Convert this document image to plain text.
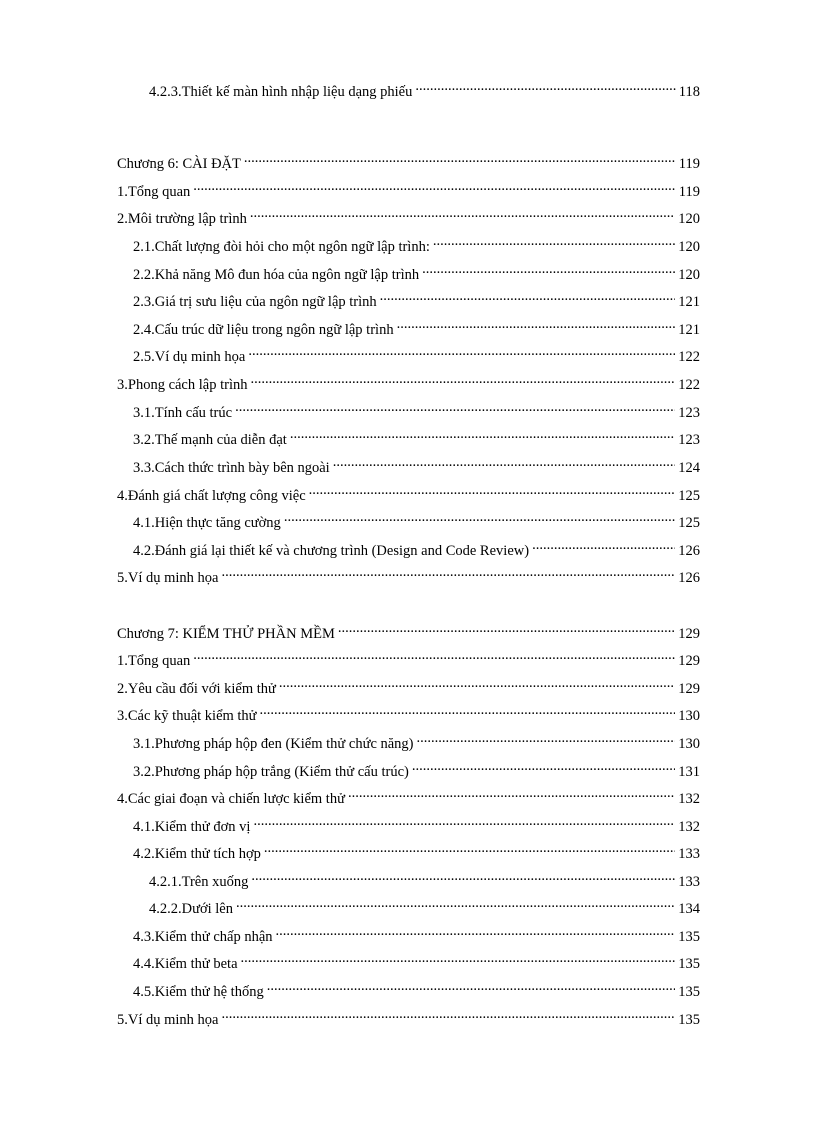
4.2.3.Thiết kế màn hình nhập liệu dạng phiếu .....	118
Chương 6: CÀI ĐẶT .....	119
1.Tổng quan .....	119
2.Môi trường lập trình .....	120
2.1.Chất lượng đòi hỏi cho một ngôn ngữ lập trình: .....	120
2.2.Khả năng Mô đun hóa của ngôn ngữ lập trình .....	120
2.3.Giá trị sưu liệu của ngôn ngữ lập trình .....	121
2.4.Cấu trúc dữ liệu trong ngôn ngữ lập trình .....	121
2.5.Ví dụ minh họa .....	122
3.Phong cách lập trình .....	122
3.1.Tính cấu trúc .....	123
3.2.Thế mạnh của diễn đạt .....	123
3.3.Cách thức trình bày bên ngoài .....	124
4.Đánh giá chất lượng công việc .....	125
4.1.Hiện thực tăng cường .....	125
4.2.Đánh giá lại thiết kế và chương trình (Design and Code Review) .....	126
5.Ví dụ minh họa .....	126
Chương 7: KIỂM THỬ PHẦN MỀM .....	129
1.Tổng quan .....	129
2.Yêu cầu đối với kiểm thử .....	129
3.Các kỹ thuật kiểm thử .....	130
3.1.Phương pháp hộp đen (Kiểm thử chức năng) .....	130
3.2.Phương pháp hộp trắng (Kiểm thử cấu trúc) .....	131
4.Các giai đoạn và chiến lược kiểm thử .....	132
4.1.Kiểm thử đơn vị .....	132
4.2.Kiểm thử tích hợp .....	133
4.2.1.Trên xuống .....	133
4.2.2.Dưới lên .....	134
4.3.Kiểm thử chấp nhận .....	135
4.4.Kiểm thử beta .....	135
4.5.Kiểm thử hệ thống .....	135
5.Ví dụ minh họa .....	135
